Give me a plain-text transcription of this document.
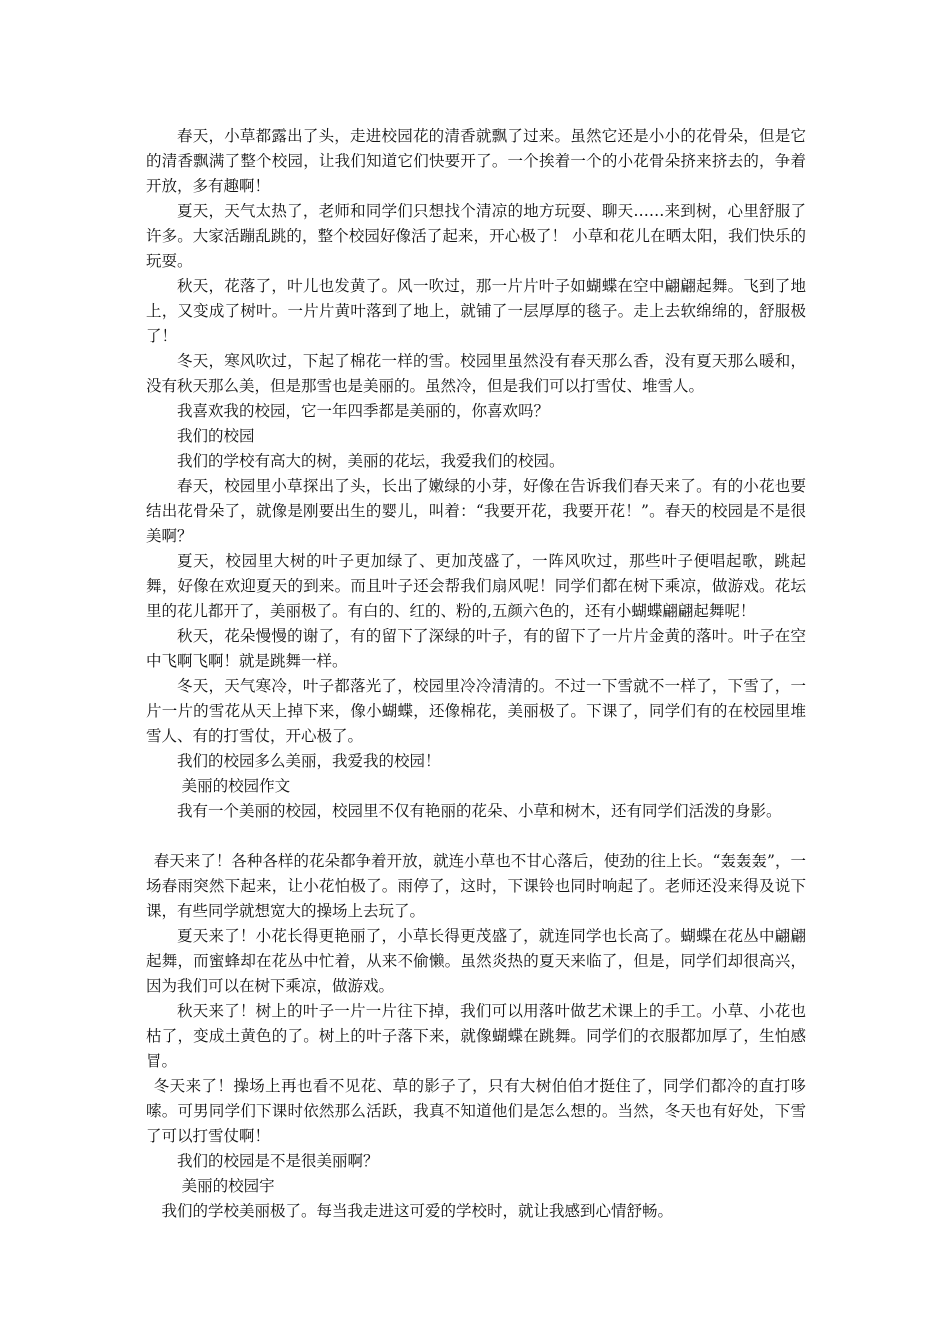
春天，小草都露出了头，走进校园花的清香就飘了过来。虽然它还是小小的花骨朵，但是它的清香飘满了整个校园，让我们知道它们快要开了。一个挨着一个的小花骨朵挤来挤去的，争着开放，多有趣啊！

夏天，天气太热了，老师和同学们只想找个清凉的地方玩耍、聊天……来到树，心里舒服了许多。大家活蹦乱跳的，整个校园好像活了起来，开心极了！ 小草和花儿在晒太阳，我们快乐的玩耍。

秋天，花落了，叶儿也发黄了。风一吹过，那一片片叶子如蝴蝶在空中翩翩起舞。飞到了地上，又变成了树叶。一片片黄叶落到了地上，就铺了一层厚厚的毯子。走上去软绵绵的，舒服极了！

冬天，寒风吹过，下起了棉花一样的雪。校园里虽然没有春天那么香，没有夏天那么暖和，没有秋天那么美，但是那雪也是美丽的。虽然冷，但是我们可以打雪仗、堆雪人。

我喜欢我的校园，它一年四季都是美丽的，你喜欢吗？

我们的校园

我们的学校有高大的树，美丽的花坛，我爱我们的校园。

春天，校园里小草探出了头，长出了嫩绿的小芽，好像在告诉我们春天来了。有的小花也要结出花骨朵了，就像是刚要出生的婴儿，叫着：“我要开花，我要开花！”。春天的校园是不是很美啊？

夏天，校园里大树的叶子更加绿了、更加茂盛了，一阵风吹过，那些叶子便唱起歌，跳起舞，好像在欢迎夏天的到来。而且叶子还会帮我们扇风呢！同学们都在树下乘凉，做游戏。花坛里的花儿都开了，美丽极了。有白的、红的、粉的,五颜六色的，还有小蝴蝶翩翩起舞呢！

秋天，花朵慢慢的谢了，有的留下了深绿的叶子，有的留下了一片片金黄的落叶。叶子在空中飞啊飞啊！就是跳舞一样。

冬天，天气寒冷，叶子都落光了，校园里冷冷清清的。不过一下雪就不一样了，下雪了，一片一片的雪花从天上掉下来，像小蝴蝶，还像棉花，美丽极了。下课了，同学们有的在校园里堆雪人、有的打雪仗，开心极了。

我们的校园多么美丽，我爱我的校园！

美丽的校园作文

我有一个美丽的校园，校园里不仅有艳丽的花朵、小草和树木，还有同学们活泼的身影。

春天来了！各种各样的花朵都争着开放，就连小草也不甘心落后，使劲的往上长。“轰轰轰”，一场春雨突然下起来，让小花怕极了。雨停了，这时，下课铃也同时响起了。老师还没来得及说下课，有些同学就想宽大的操场上去玩了。

夏天来了！小花长得更艳丽了，小草长得更茂盛了，就连同学也长高了。蝴蝶在花丛中翩翩起舞，而蜜蜂却在花丛中忙着，从来不偷懒。虽然炎热的夏天来临了，但是，同学们却很高兴，因为我们可以在树下乘凉，做游戏。

秋天来了！树上的叶子一片一片往下掉，我们可以用落叶做艺术课上的手工。小草、小花也枯了，变成土黄色的了。树上的叶子落下来，就像蝴蝶在跳舞。同学们的衣服都加厚了，生怕感冒。

冬天来了！操场上再也看不见花、草的影子了，只有大树伯伯才挺住了，同学们都冷的直打哆嗦。可男同学们下课时依然那么活跃，我真不知道他们是怎么想的。当然，冬天也有好处，下雪了可以打雪仗啊！

我们的校园是不是很美丽啊？

美丽的校园宇

我们的学校美丽极了。每当我走进这可爱的学校时，就让我感到心情舒畅。
